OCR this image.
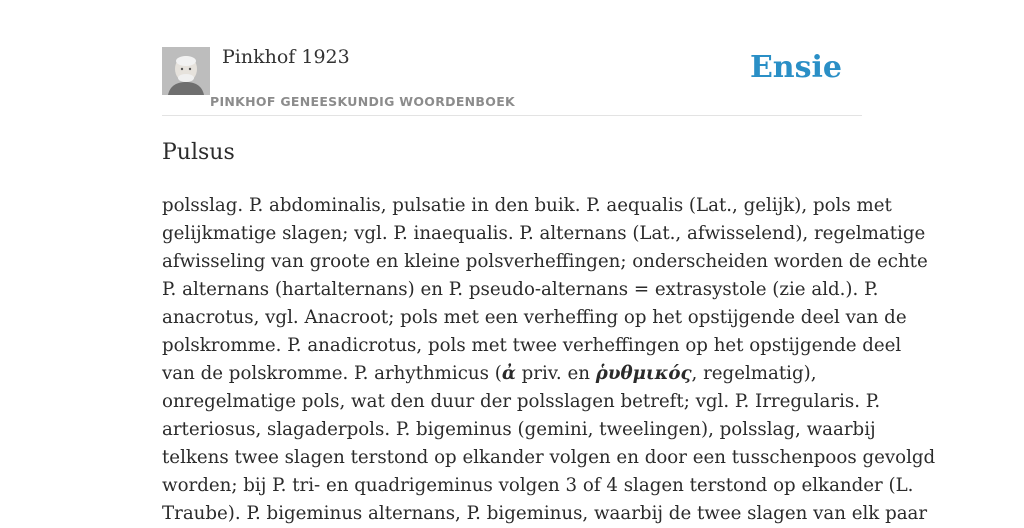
Pinkhof 1923
PINKHOF GENEESKUNDIG WOORDENBOEK
Ensie
Pulsus

polsslag. P. abdominalis, pulsatie in den buik. P. aequalis (Lat., gelijk), pols met
gelijkmatige slagen; vgl. P. inaequalis. P. alternans (Lat., afwisselend), regelmatige
afwisseling van groote en kleine polsverheffingen; onderscheiden worden de echte
P. alternans (hartalternans) en P. pseudo-alternans = extrasystole (zie ald.). P.
anacrotus, vgl. Anacroot; pols met een verheffing op het opstijgende deel van de
polskromme. P. anadicrotus, pols met twee verheffingen op het opstijgende deel
van de polskromme. P. arhythmicus (ἀ priv. en ῥυθμικός, regelmatig),
onregelmatige pols, wat den duur der polsslagen betreft; vgl. P. Irregularis. P.
arteriosus, slagaderpols. P. bigeminus (gemini, tweelingen), polsslag, waarbij
telkens twee slagen terstond op elkander volgen en door een tusschenpoos gevolgd
worden; bij P. tri- en quadrigeminus volgen 3 of 4 slagen terstond op elkander (L.
Traube). P. bigeminus alternans, P. bigeminus, waarbij de twee slagen van elk paar
